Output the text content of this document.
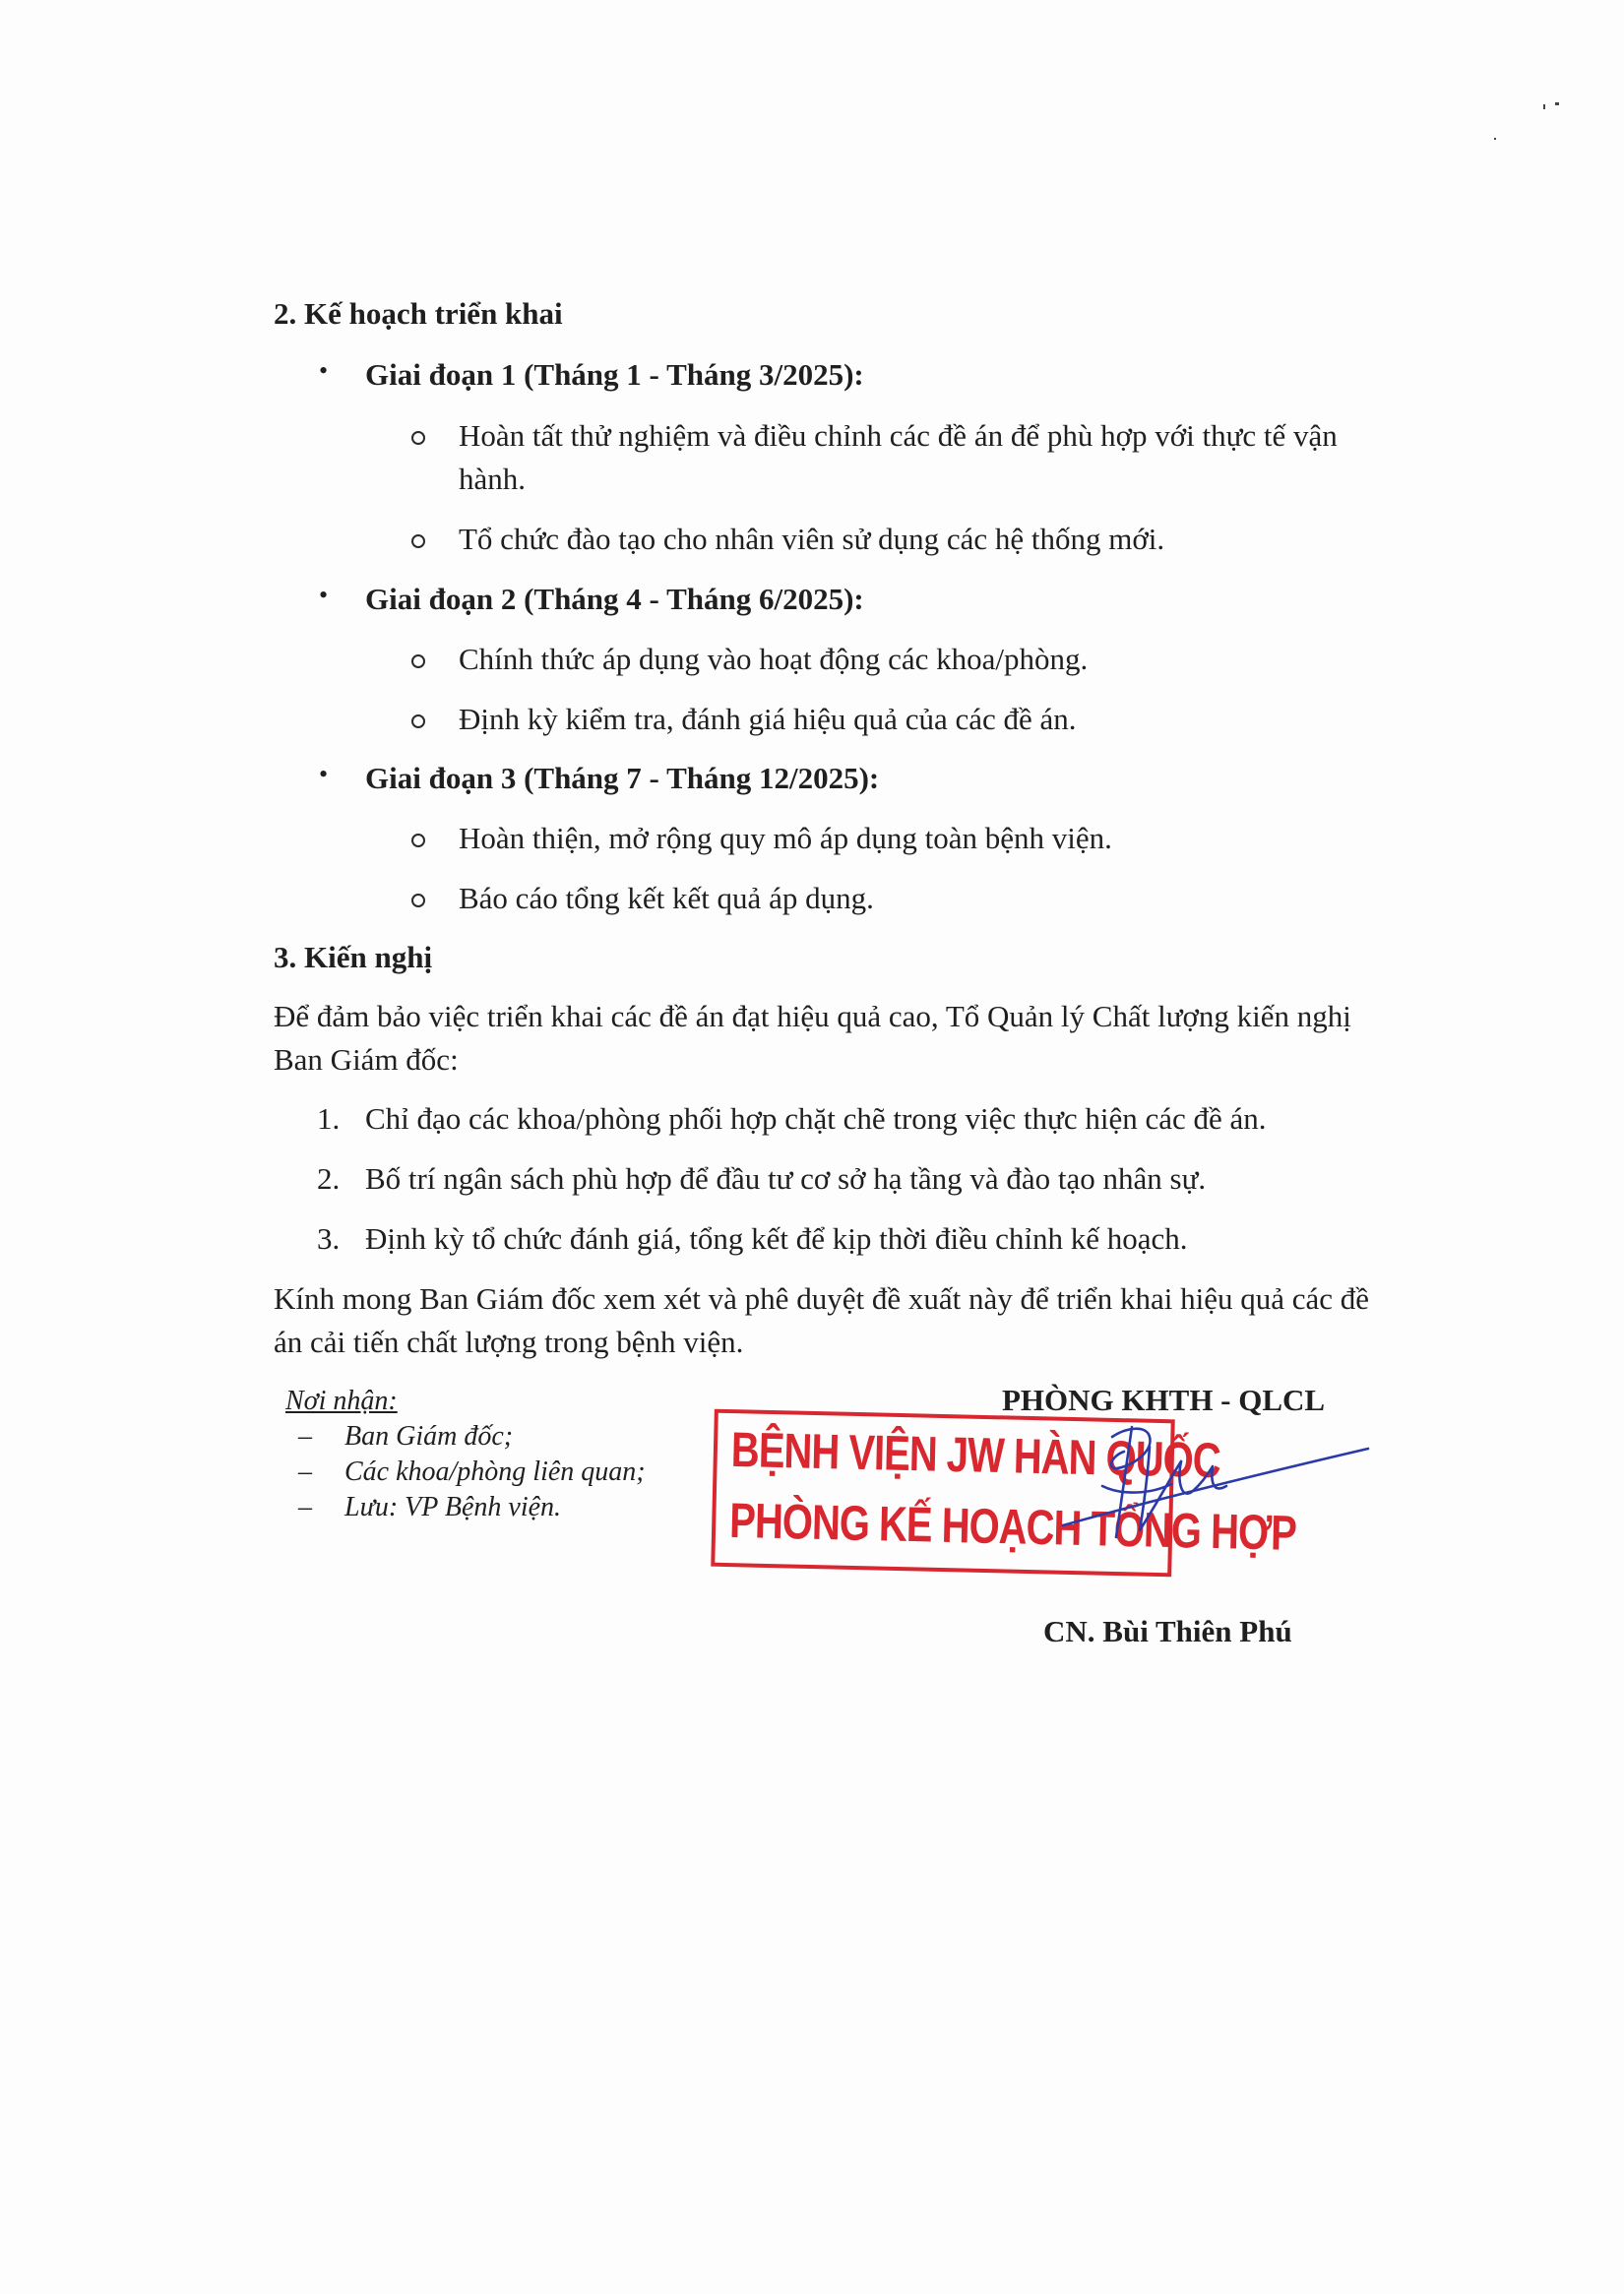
2. Kế hoạch triển khai
• Giai đoạn 1 (Tháng 1 - Tháng 3/2025):
Hoàn tất thử nghiệm và điều chỉnh các đề án để phù hợp với thực tế vận
hành.
Tổ chức đào tạo cho nhân viên sử dụng các hệ thống mới.
• Giai đoạn 2 (Tháng 4 - Tháng 6/2025):
Chính thức áp dụng vào hoạt động các khoa/phòng.
Định kỳ kiểm tra, đánh giá hiệu quả của các đề án.
• Giai đoạn 3 (Tháng 7 - Tháng 12/2025):
Hoàn thiện, mở rộng quy mô áp dụng toàn bệnh viện.
Báo cáo tổng kết kết quả áp dụng.
3. Kiến nghị
Để đảm bảo việc triển khai các đề án đạt hiệu quả cao, Tổ Quản lý Chất lượng kiến nghị
Ban Giám đốc:
1. Chỉ đạo các khoa/phòng phối hợp chặt chẽ trong việc thực hiện các đề án.
2. Bố trí ngân sách phù hợp để đầu tư cơ sở hạ tầng và đào tạo nhân sự.
3. Định kỳ tổ chức đánh giá, tổng kết để kịp thời điều chỉnh kế hoạch.
Kính mong Ban Giám đốc xem xét và phê duyệt đề xuất này để triển khai hiệu quả các đề
án cải tiến chất lượng trong bệnh viện.
Nơi nhận:
– Ban Giám đốc;
– Các khoa/phòng liên quan;
– Lưu: VP Bệnh viện.
PHÒNG KHTH - QLCL
BỆNH VIỆN JW HÀN QUỐC
PHÒNG KẾ HOẠCH TỔNG HỢP
CN. Bùi Thiên Phú
